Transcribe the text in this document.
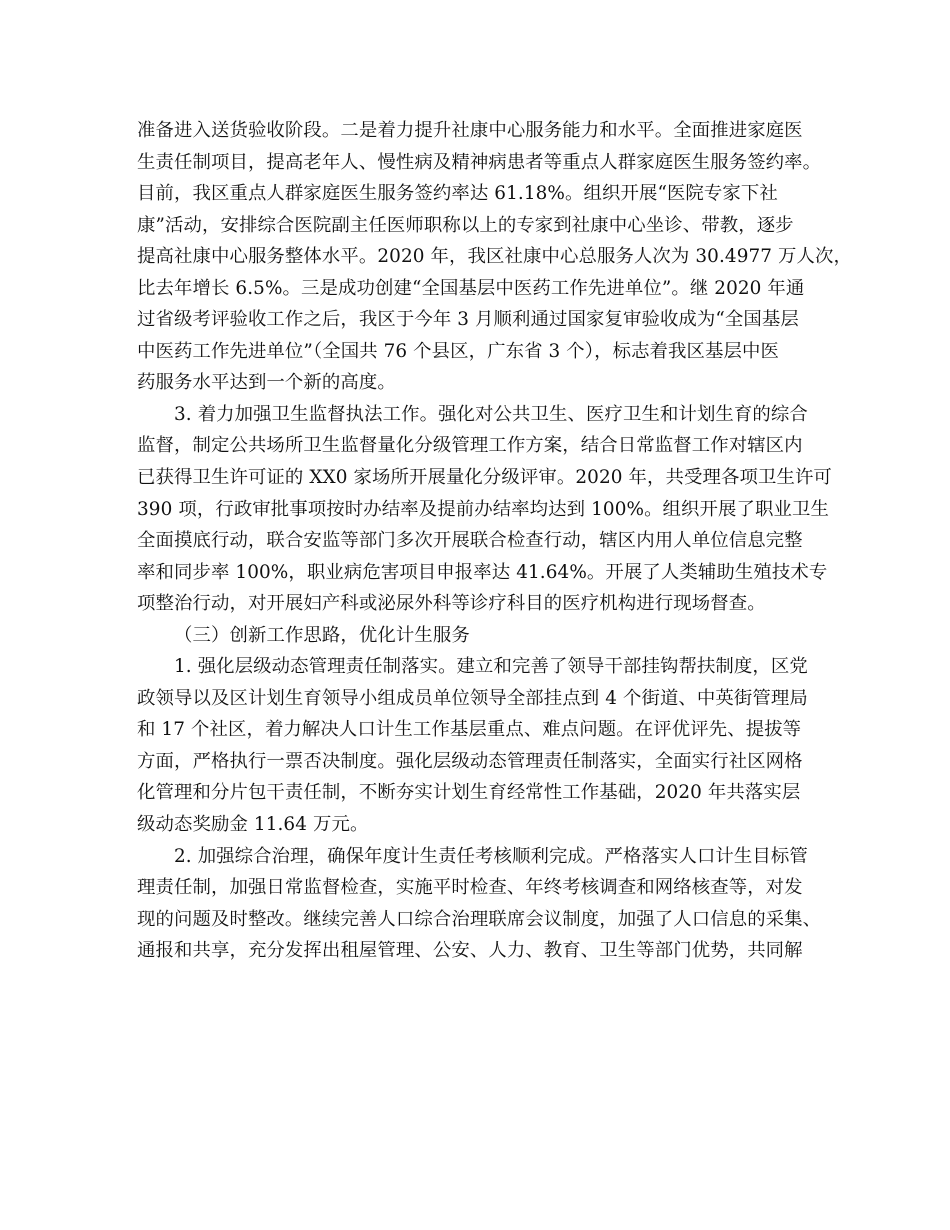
准备进入送货验收阶段。二是着力提升社康中心服务能力和水平。全面推进家庭医
生责任制项目，提高老年人、慢性病及精神病患者等重点人群家庭医生服务签约率。
目前，我区重点人群家庭医生服务签约率达 61.18%。组织开展“医院专家下社
康”活动，安排综合医院副主任医师职称以上的专家到社康中心坐诊、带教，逐步
提高社康中心服务整体水平。2020 年，我区社康中心总服务人次为 30.4977 万人次，
比去年增长 6.5%。三是成功创建“全国基层中医药工作先进单位”。继 2020 年通
过省级考评验收工作之后，我区于今年 3 月顺利通过国家复审验收成为“全国基层
中医药工作先进单位”（全国共 76 个县区，广东省 3 个），标志着我区基层中医
药服务水平达到一个新的高度。
3. 着力加强卫生监督执法工作。强化对公共卫生、医疗卫生和计划生育的综合
监督，制定公共场所卫生监督量化分级管理工作方案，结合日常监督工作对辖区内
已获得卫生许可证的 XX0 家场所开展量化分级评审。2020 年，共受理各项卫生许可
390 项，行政审批事项按时办结率及提前办结率均达到 100%。组织开展了职业卫生
全面摸底行动，联合安监等部门多次开展联合检查行动，辖区内用人单位信息完整
率和同步率 100%，职业病危害项目申报率达 41.64%。开展了人类辅助生殖技术专
项整治行动，对开展妇产科或泌尿外科等诊疗科目的医疗机构进行现场督查。
（三）创新工作思路，优化计生服务
1. 强化层级动态管理责任制落实。建立和完善了领导干部挂钩帮扶制度，区党
政领导以及区计划生育领导小组成员单位领导全部挂点到 4 个街道、中英街管理局
和 17 个社区，着力解决人口计生工作基层重点、难点问题。在评优评先、提拔等
方面，严格执行一票否决制度。强化层级动态管理责任制落实，全面实行社区网格
化管理和分片包干责任制，不断夯实计划生育经常性工作基础，2020 年共落实层
级动态奖励金 11.64 万元。
2. 加强综合治理，确保年度计生责任考核顺利完成。严格落实人口计生目标管
理责任制，加强日常监督检查，实施平时检查、年终考核调查和网络核查等，对发
现的问题及时整改。继续完善人口综合治理联席会议制度，加强了人口信息的采集、
通报和共享，充分发挥出租屋管理、公安、人力、教育、卫生等部门优势，共同解
